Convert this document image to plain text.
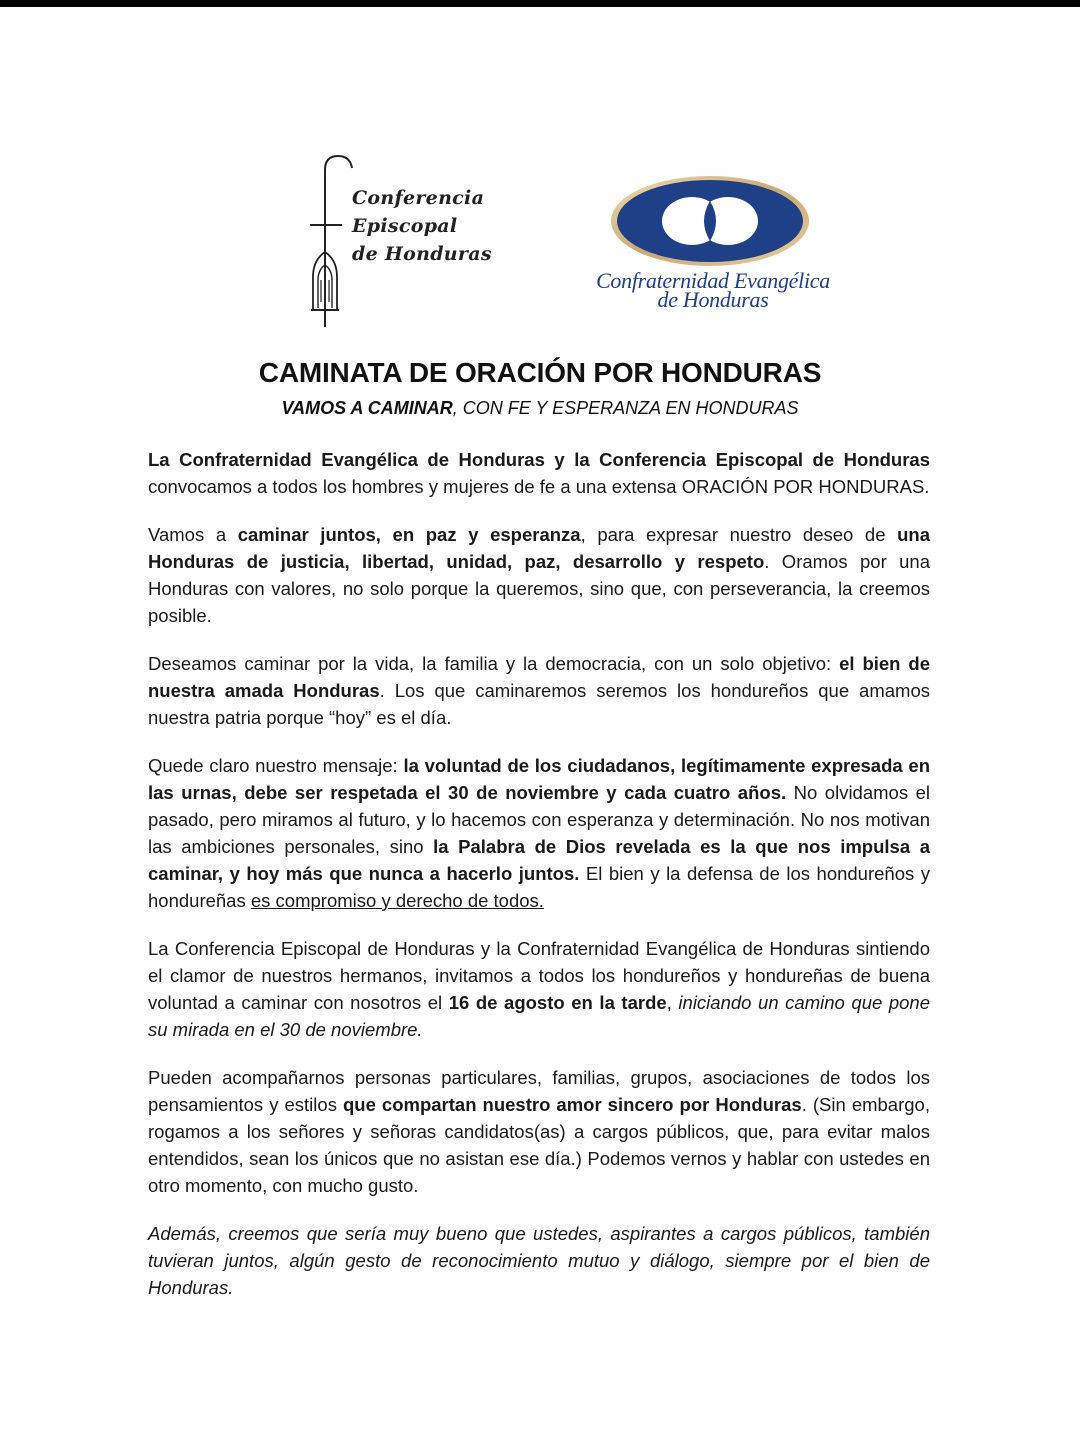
Conferencia
Episcopal
de Honduras
Confraternidad Evangélica
de Honduras
CAMINATA DE ORACIÓN POR HONDURAS
VAMOS A CAMINAR, CON FE Y ESPERANZA EN HONDURAS

La Confraternidad Evangélica de Honduras y la Conferencia Episcopal de Honduras convocamos a todos los hombres y mujeres de fe a una extensa ORACIÓN POR HONDURAS.

Vamos a caminar juntos, en paz y esperanza, para expresar nuestro deseo de una Honduras de justicia, libertad, unidad, paz, desarrollo y respeto. Oramos por una Honduras con valores, no solo porque la queremos, sino que, con perseverancia, la creemos posible.

Deseamos caminar por la vida, la familia y la democracia, con un solo objetivo: el bien de nuestra amada Honduras. Los que caminaremos seremos los hondureños que amamos nuestra patria porque “hoy” es el día.

Quede claro nuestro mensaje: la voluntad de los ciudadanos, legítimamente expresada en las urnas, debe ser respetada el 30 de noviembre y cada cuatro años. No olvidamos el pasado, pero miramos al futuro, y lo hacemos con esperanza y determinación. No nos motivan las ambiciones personales, sino la Palabra de Dios revelada es la que nos impulsa a caminar, y hoy más que nunca a hacerlo juntos. El bien y la defensa de los hondureños y hondureñas es compromiso y derecho de todos.

La Conferencia Episcopal de Honduras y la Confraternidad Evangélica de Honduras sintiendo el clamor de nuestros hermanos, invitamos a todos los hondureños y hondureñas de buena voluntad a caminar con nosotros el 16 de agosto en la tarde, iniciando un camino que pone su mirada en el 30 de noviembre.

Pueden acompañarnos personas particulares, familias, grupos, asociaciones de todos los pensamientos y estilos que compartan nuestro amor sincero por Honduras. (Sin embargo, rogamos a los señores y señoras candidatos(as) a cargos públicos, que, para evitar malos entendidos, sean los únicos que no asistan ese día.) Podemos vernos y hablar con ustedes en otro momento, con mucho gusto.

Además, creemos que sería muy bueno que ustedes, aspirantes a cargos públicos, también tuvieran juntos, algún gesto de reconocimiento mutuo y diálogo, siempre por el bien de Honduras.
